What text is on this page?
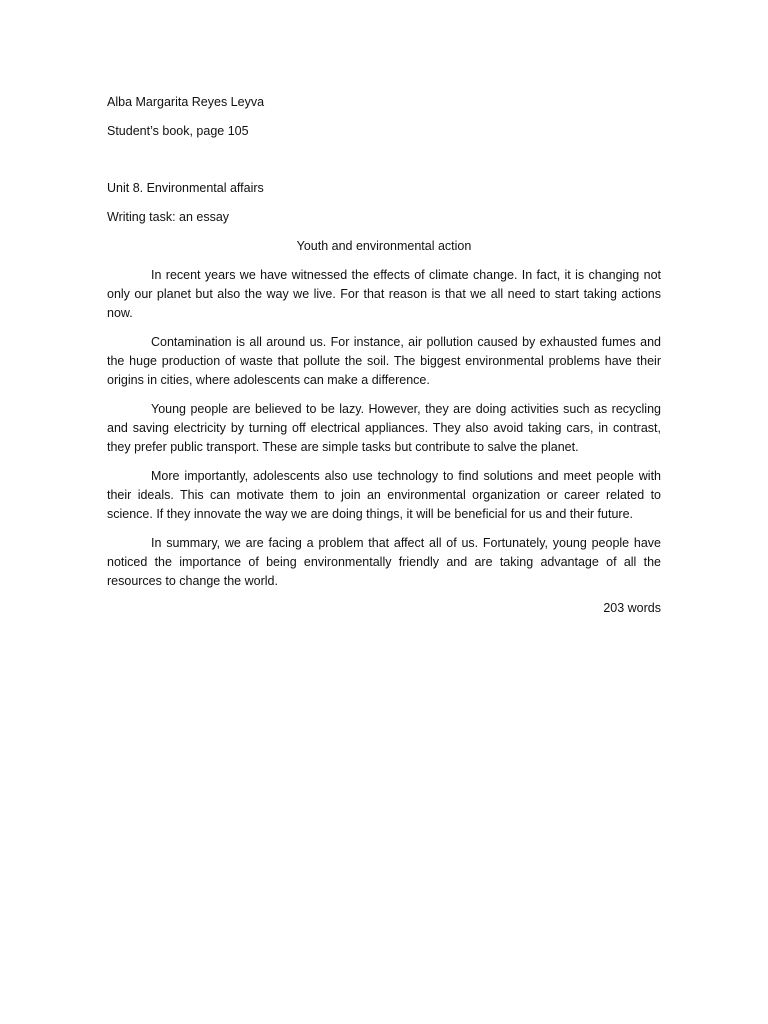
Alba Margarita Reyes Leyva
Student’s book, page 105
Unit 8. Environmental affairs
Writing task: an essay
Youth and environmental action

In recent years we have witnessed the effects of climate change. In fact, it is changing not only our planet but also the way we live. For that reason is that we all need to start taking actions now.

Contamination is all around us. For instance, air pollution caused by exhausted fumes and the huge production of waste that pollute the soil. The biggest environmental problems have their origins in cities, where adolescents can make a difference.

Young people are believed to be lazy. However, they are doing activities such as recycling and saving electricity by turning off electrical appliances. They also avoid taking cars, in contrast, they prefer public transport. These are simple tasks but contribute to salve the planet.

More importantly, adolescents also use technology to find solutions and meet people with their ideals. This can motivate them to join an environmental organization or career related to science. If they innovate the way we are doing things, it will be beneficial for us and their future.

In summary, we are facing a problem that affect all of us. Fortunately, young people have noticed the importance of being environmentally friendly and are taking advantage of all the resources to change the world.

203 words
